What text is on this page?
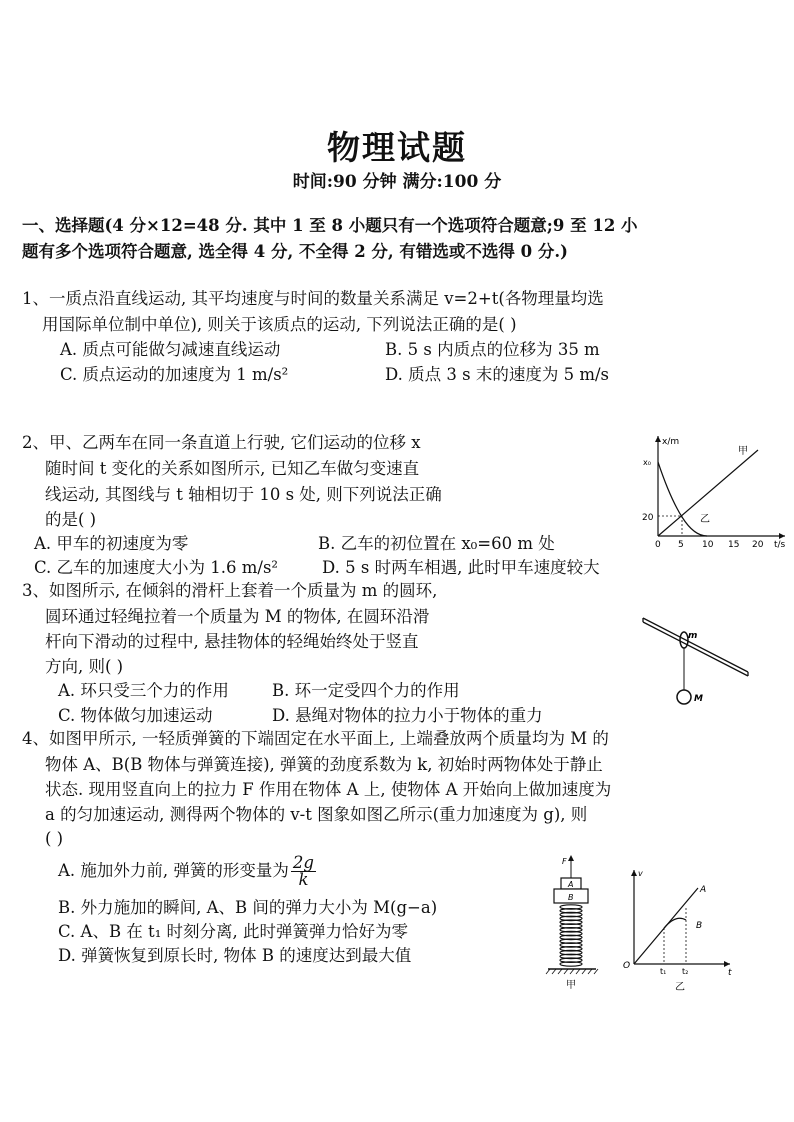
物理试题
时间:90 分钟 满分:100 分
一、选择题(4 分×12=48 分. 其中 1 至 8 小题只有一个选项符合题意;9 至 12 小
题有多个选项符合题意, 选全得 4 分, 不全得 2 分, 有错选或不选得 0 分.)
1、一质点沿直线运动, 其平均速度与时间的数量关系满足 v=2+t(各物理量均选
用国际单位制中单位), 则关于该质点的运动, 下列说法正确的是( )
A. 质点可能做匀减速直线运动	B. 5 s 内质点的位移为 35 m
C. 质点运动的加速度为 1 m/s²	D. 质点 3 s 末的速度为 5 m/s
2、甲、乙两车在同一条直道上行驶, 它们运动的位移 x
随时间 t 变化的关系如图所示, 已知乙车做匀变速直
线运动, 其图线与 t 轴相切于 10 s 处, 则下列说法正确
的是( )
A. 甲车的初速度为零	B. 乙车的初位置在 x₀=60 m 处
C. 乙车的加速度大小为 1.6 m/s²	D. 5 s 时两车相遇, 此时甲车速度较大
x/m
t/s
x₀
20
0 5 10 15 20
甲
乙
3、如图所示, 在倾斜的滑杆上套着一个质量为 m 的圆环,
圆环通过轻绳拉着一个质量为 M 的物体, 在圆环沿滑
杆向下滑动的过程中, 悬挂物体的轻绳始终处于竖直
方向, 则( )
A. 环只受三个力的作用	B. 环一定受四个力的作用
C. 物体做匀加速运动	D. 悬绳对物体的拉力小于物体的重力
m
M
4、如图甲所示, 一轻质弹簧的下端固定在水平面上, 上端叠放两个质量均为 M 的
物体 A、B(B 物体与弹簧连接), 弹簧的劲度系数为 k, 初始时两物体处于静止
状态. 现用竖直向上的拉力 F 作用在物体 A 上, 使物体 A 开始向上做加速度为
a 的匀加速运动, 测得两个物体的 v-t 图象如图乙所示(重力加速度为 g), 则
( )
A. 施加外力前, 弹簧的形变量为 $\frac{2g}{k}$
B. 外力施加的瞬间, A、B 间的弹力大小为 M(g−a)
C. A、B 在 t₁ 时刻分离, 此时弹簧弹力恰好为零
D. 弹簧恢复到原长时, 物体 B 的速度达到最大值
F
A
B
甲
v
O
t
A
B
t₁ t₂
乙
